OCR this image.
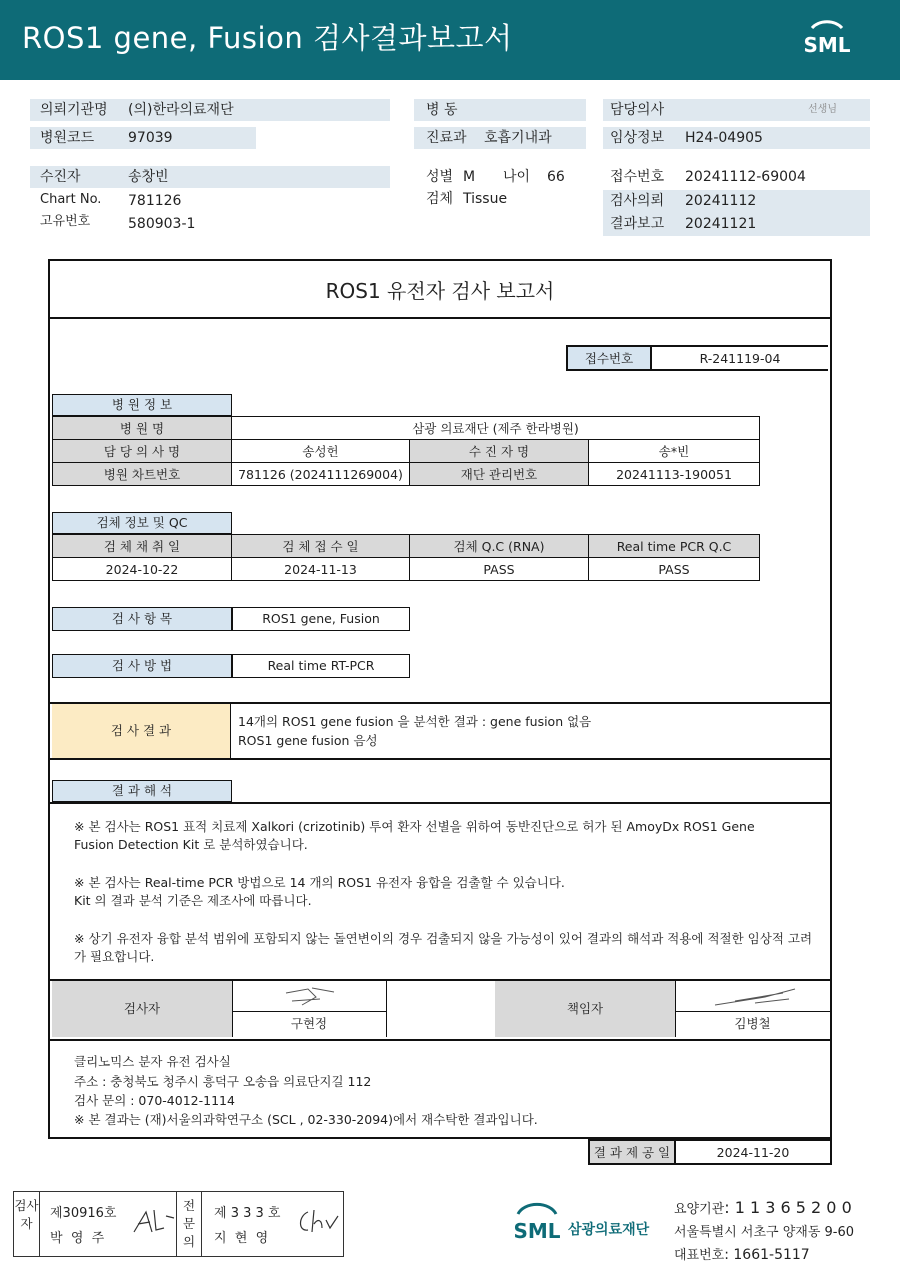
ROS1 gene, Fusion 검사결과보고서	SML
의뢰기관명 (의)한라의료재단
병원코드 97039
병 동
진료과 호흡기내과
담당의사	선생님
임상정보 H24-04905
수진자	송창빈
Chart No. 781126
고유번호	580903-1
성별 M 나이 66
검체 Tissue
접수번호 20241112-69004
검사의뢰 20241112
결과보고 20241121
ROS1 유전자 검사 보고서
접수번호	R-241119-04
병 원 정 보
병 원 명	삼광 의료재단 (제주 한라병원)		
담 당 의 사 명	송성헌	수 진 자 명	송*빈
병원 차트번호	781126 (2024111269004)	재단 관리번호	20241113-190051
검체 정보 및 QC
검 체 채 취 일	검 체 접 수 일	검체 Q.C (RNA)	Real time PCR Q.C
2024-10-22	2024-11-13	PASS	PASS
검 사 항 목	ROS1 gene, Fusion
검 사 방 법	Real time RT-PCR
검 사 결 과
14개의 ROS1 gene fusion 을 분석한 결과 : gene fusion 없음
ROS1 gene fusion 음성
결 과 해 석
※ 본 검사는 ROS1 표적 치료제 Xalkori (crizotinib) 투여 환자 선별을 위하여 동반진단으로 허가 된 AmoyDx ROS1 Gene Fusion Detection Kit 로 분석하였습니다.
※ 본 검사는 Real-time PCR 방법으로 14 개의 ROS1 유전자 융합을 검출할 수 있습니다.
Kit 의 결과 분석 기준은 제조사에 따릅니다.
※ 상기 유전자 융합 분석 범위에 포함되지 않는 돌연변이의 경우 검출되지 않을 가능성이 있어 결과의 해석과 적용에 적절한 임상적 고려가 필요합니다.
검사자
구현정
책임자
김병철
클리노믹스 분자 유전 검사실
주소 : 충청북도 청주시 흥덕구 오송읍 의료단지길 112
검사 문의 : 070-4012-1114
※ 본 결과는 (재)서울의과학연구소 (SCL , 02-330-2094)에서 재수탁한 결과입니다.
결 과 제 공 일	2024-11-20
검사자
제30916호
박  영  주
전문의
제 3 3 3 호
지  현  영	SML 삼광의료재단
요양기관: 1 1 3 6 5 2 0 0
서울특별시 서초구 양재동 9-60
대표번호: 1661-5117
